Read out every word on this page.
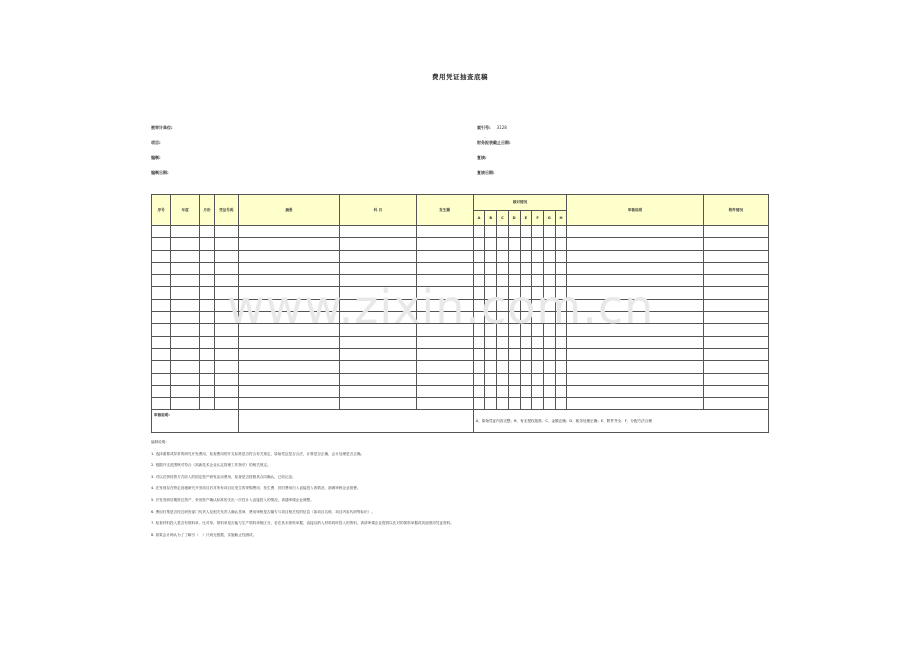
费用凭证抽查底稿
被审计单位:
项目:
编制:
编制日期:
索引号: 3128
财务报表截止日期:
复核:
复核日期:
序号	年度	月份	凭证号码	摘要	科 目	发生额	核对情况								审核说明	附件情况
							A	B	C	D	E	F	G	H		

审核说明:							A、原始凭证内容完整；B、有无授权批准；C、金额正确；D、帐务处理正确；E、附件齐全；F、分配方法合理									
编制说明:
1. 选择重要或异常的研究开发费用，检查费用的开支标准是否符合有关规定，原始凭证是否合法，计算是否正确，会计处理是否正确。
2. 根据开支范围核对符合《高新技术企业认定管理工作指引》的相关规定。
3. 对以后资转资方式收入的固定资产研发活动费用，检查是否按照其合同确认，已收记录。
4. 在发现存在特定设施研究开发项目后对所有项目应发生的采购费用、发生费、折旧费用归入直接投入的情况，抽调审核企业规费。
5. 开发发研后期资记资产，采用资产确认标准的支出一次性计入直接投入的情况，请通审课企业调整。
6. 费用归集是否经过研发部门负责人及相关负责人确认签章，费用审核是否属专与项目相关性的信息（如项目名称、项目内容代码等标识）。
7. 检查材料投入是否有领料单，比对单，领料单是否能与生产领料单相区分，若在其未领料单据，直接以纳入材料同时投入的资料，请请审课企业提供以比对的领料单据或其他领用凭证资料。
8. 如果会计师认为了了解引（　）只到无根据，实施截止性测试。
www.zixin.com.cn
